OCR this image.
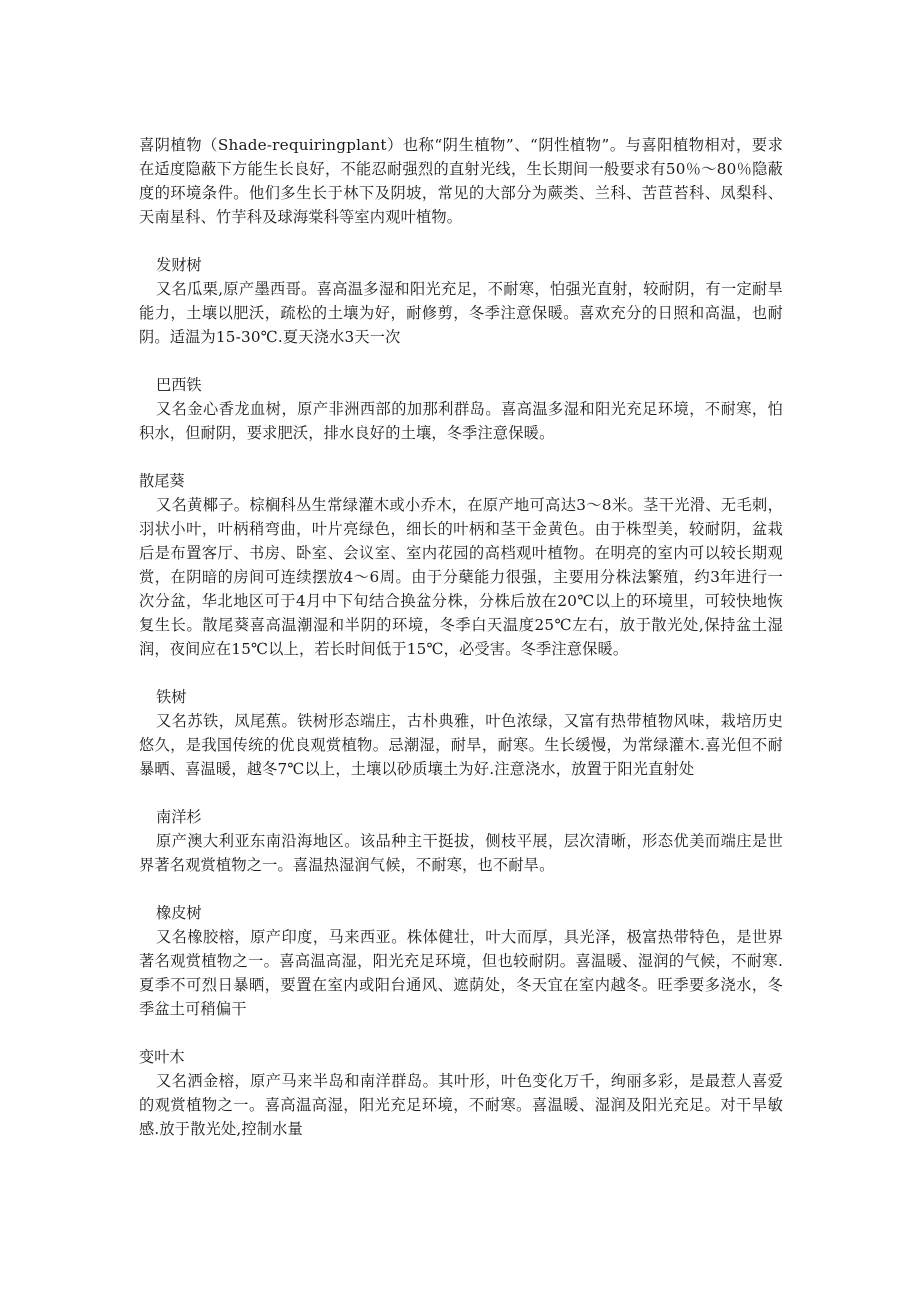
喜阴植物（Shade-requiringplant）也称“阴生植物”、“阴性植物”。与喜阳植物相对，要求在适度隐蔽下方能生长良好，不能忍耐强烈的直射光线，生长期间一般要求有50％～80％隐蔽度的环境条件。他们多生长于林下及阴坡，常见的大部分为蕨类、兰科、苦苣苔科、凤梨科、天南星科、竹芋科及球海棠科等室内观叶植物。

发财树

又名瓜栗,原产墨西哥。喜高温多湿和阳光充足，不耐寒，怕强光直射，较耐阴，有一定耐旱能力，土壤以肥沃，疏松的土壤为好，耐修剪，冬季注意保暖。喜欢充分的日照和高温，也耐阴。适温为15-30℃.夏天浇水3天一次

巴西铁

又名金心香龙血树，原产非洲西部的加那利群岛。喜高温多湿和阳光充足环境，不耐寒，怕积水，但耐阴，要求肥沃，排水良好的土壤，冬季注意保暖。

散尾葵

又名黄椰子。棕榈科丛生常绿灌木或小乔木，在原产地可高达3～8米。茎干光滑、无毛刺，羽状小叶，叶柄稍弯曲，叶片亮绿色，细长的叶柄和茎干金黄色。由于株型美，较耐阴，盆栽后是布置客厅、书房、卧室、会议室、室内花园的高档观叶植物。在明亮的室内可以较长期观赏，在阴暗的房间可连续摆放4～6周。由于分蘖能力很强，主要用分株法繁殖，约3年进行一次分盆，华北地区可于4月中下旬结合换盆分株，分株后放在20℃以上的环境里，可较快地恢复生长。散尾葵喜高温潮湿和半阴的环境，冬季白天温度25℃左右，放于散光处,保持盆土湿润，夜间应在15℃以上，若长时间低于15℃，必受害。冬季注意保暖。

铁树

又名苏铁，凤尾蕉。铁树形态端庄，古朴典雅，叶色浓绿，又富有热带植物风味，栽培历史悠久，是我国传统的优良观赏植物。忌潮湿，耐旱，耐寒。生长缓慢，为常绿灌木.喜光但不耐暴晒、喜温暖，越冬7℃以上，土壤以砂质壤土为好.注意浇水，放置于阳光直射处

南洋杉

原产澳大利亚东南沿海地区。该品种主干挺拔，侧枝平展，层次清晰，形态优美而端庄是世界著名观赏植物之一。喜温热湿润气候，不耐寒，也不耐旱。

橡皮树

又名橡胶榕，原产印度，马来西亚。株体健壮，叶大而厚，具光泽，极富热带特色，是世界著名观赏植物之一。喜高温高湿，阳光充足环境，但也较耐阴。喜温暖、湿润的气候，不耐寒.夏季不可烈日暴晒，要置在室内或阳台通风、遮荫处，冬天宜在室内越冬。旺季要多浇水，冬季盆土可稍偏干

变叶木

又名洒金榕，原产马来半岛和南洋群岛。其叶形，叶色变化万千，绚丽多彩，是最惹人喜爱的观赏植物之一。喜高温高湿，阳光充足环境，不耐寒。喜温暖、湿润及阳光充足。对干旱敏感.放于散光处,控制水量
